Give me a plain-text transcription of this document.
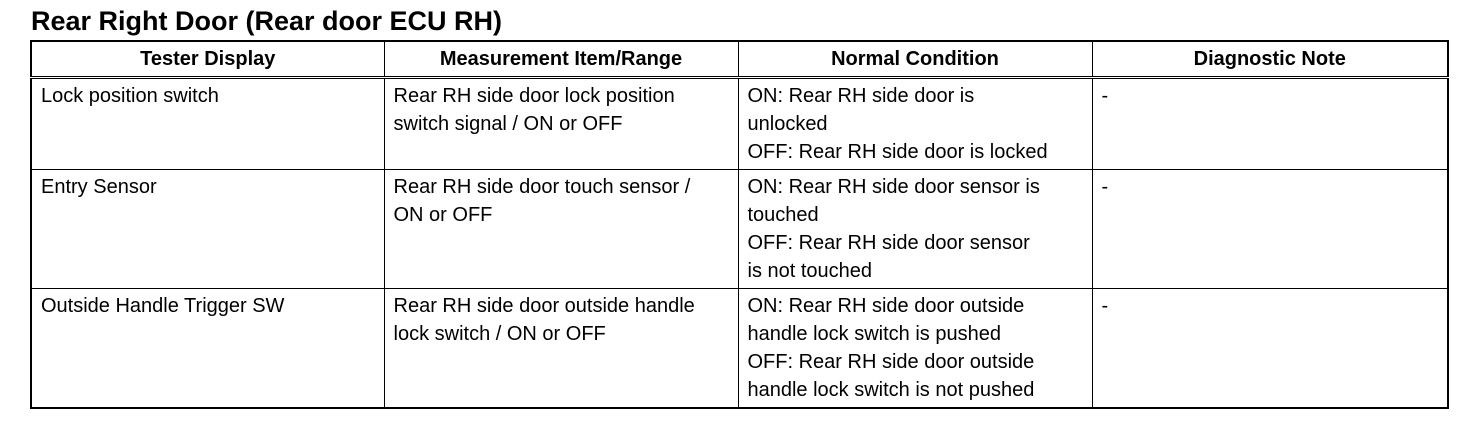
Rear Right Door (Rear door ECU RH)
Tester Display	Measurement Item/Range	Normal Condition	Diagnostic Note

Lock position switch	Rear RH side door lock position
switch signal / ON or OFF	ON: Rear RH side door is
unlocked
OFF: Rear RH side door is locked	-

Entry Sensor	Rear RH side door touch sensor /
ON or OFF	ON: Rear RH side door sensor is
touched
OFF: Rear RH side door sensor
is not touched	-

Outside Handle Trigger SW	Rear RH side door outside handle
lock switch / ON or OFF	ON: Rear RH side door outside
handle lock switch is pushed
OFF: Rear RH side door outside
handle lock switch is not pushed	-
